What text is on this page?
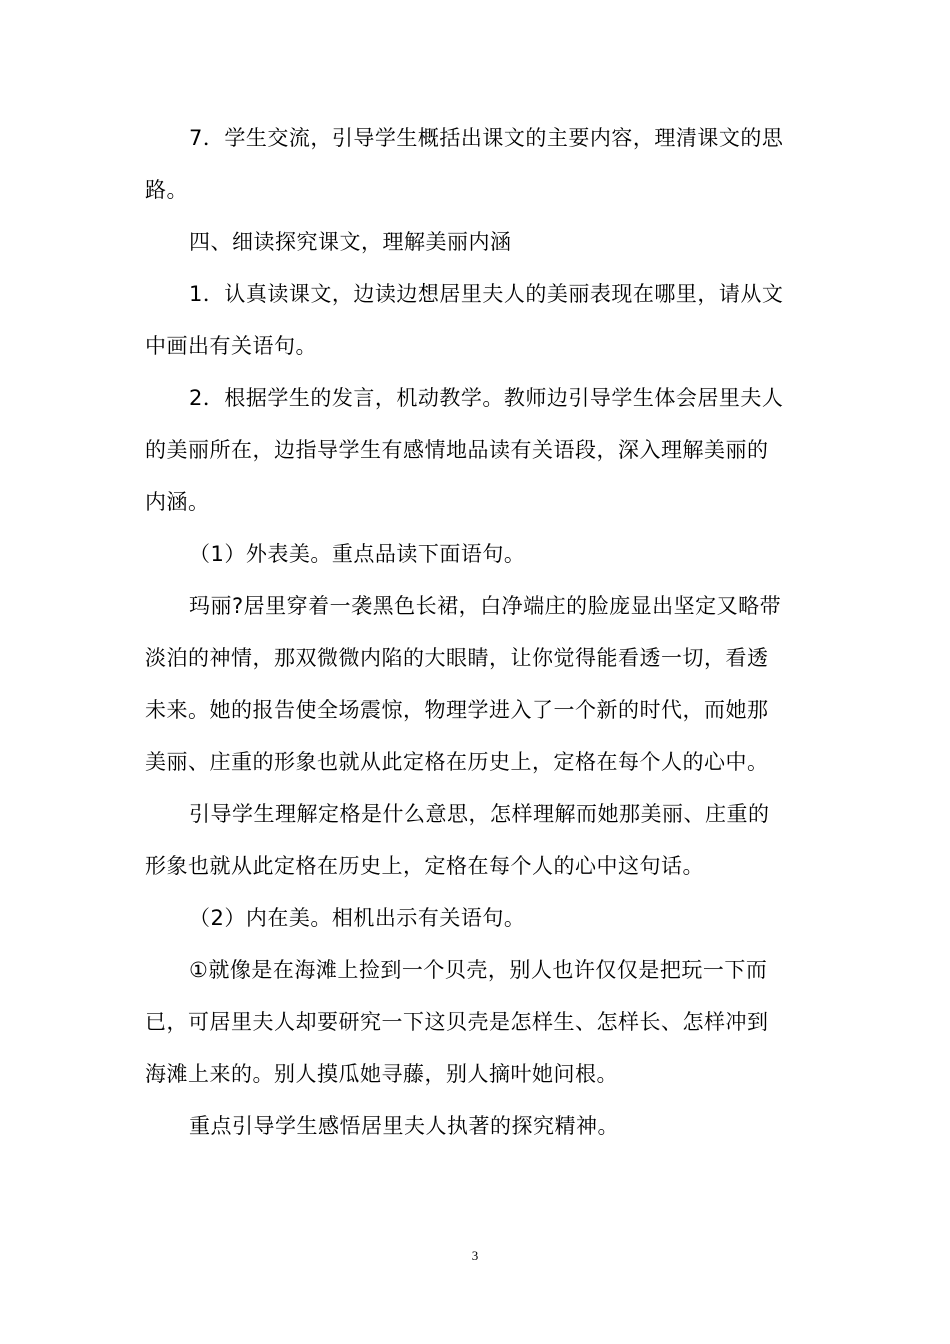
7．学生交流，引导学生概括出课文的主要内容，理清课文的思
路。

四、细读探究课文，理解美丽内涵

1．认真读课文，边读边想居里夫人的美丽表现在哪里，请从文
中画出有关语句。

2．根据学生的发言，机动教学。教师边引导学生体会居里夫人
的美丽所在，边指导学生有感情地品读有关语段，深入理解美丽的
内涵。

（1）外表美。重点品读下面语句。

玛丽?居里穿着一袭黑色长裙，白净端庄的脸庞显出坚定又略带
淡泊的神情，那双微微内陷的大眼睛，让你觉得能看透一切，看透
未来。她的报告使全场震惊，物理学进入了一个新的时代，而她那
美丽、庄重的形象也就从此定格在历史上，定格在每个人的心中。

引导学生理解定格是什么意思，怎样理解而她那美丽、庄重的
形象也就从此定格在历史上，定格在每个人的心中这句话。

（2）内在美。相机出示有关语句。

①就像是在海滩上捡到一个贝壳，别人也许仅仅是把玩一下而
已，可居里夫人却要研究一下这贝壳是怎样生、怎样长、怎样冲到
海滩上来的。别人摸瓜她寻藤，别人摘叶她问根。

重点引导学生感悟居里夫人执著的探究精神。

3
